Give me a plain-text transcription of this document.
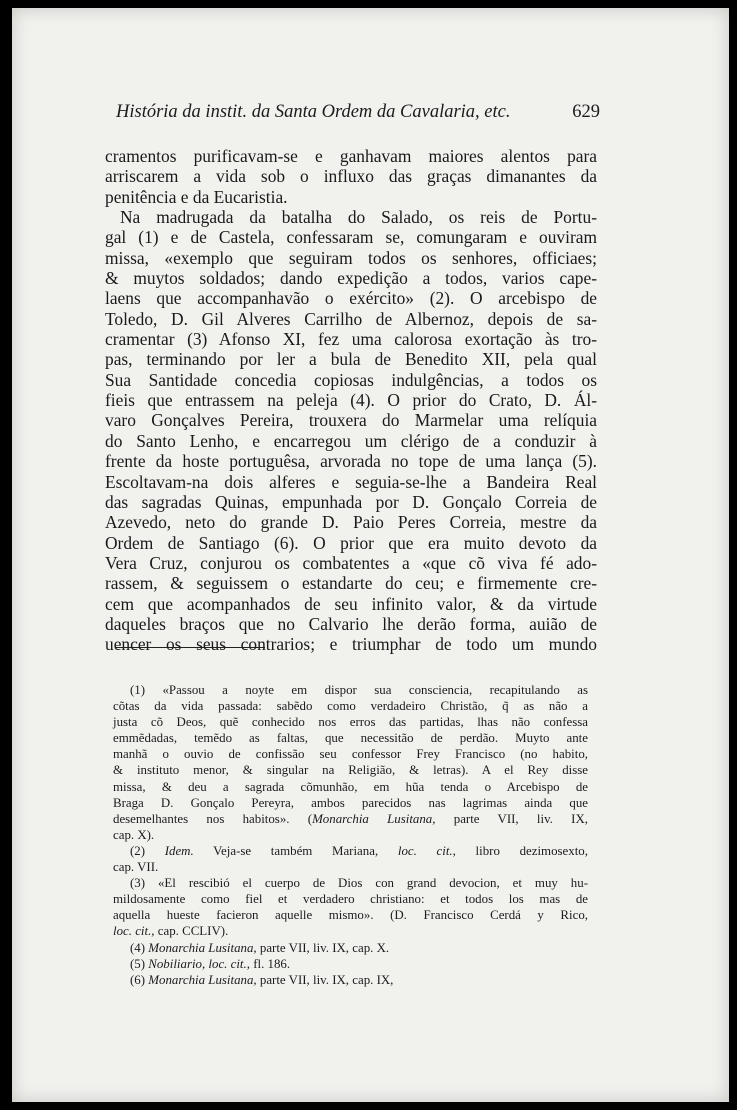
História da instit. da Santa Ordem da Cavalaria, etc.	629
cramentos purificavam-se e ganhavam maiores alentos para
arriscarem a vida sob o influxo das graças dimanantes da
penitência e da Eucaristia.
Na madrugada da batalha do Salado, os reis de Portu-
gal (1) e de Castela, confessaram se, comungaram e ouviram
missa, «exemplo que seguiram todos os senhores, officiaes;
& muytos soldados; dando expedição a todos, varios cape-
laens que accompanhavão o exército» (2). O arcebispo de
Toledo, D. Gil Alveres Carrilho de Albernoz, depois de sa-
cramentar (3) Afonso XI, fez uma calorosa exortação às tro-
pas, terminando por ler a bula de Benedito XII, pela qual
Sua Santidade concedia copiosas indulgências, a todos os
fieis que entrassem na peleja (4). O prior do Crato, D. Ál-
varo Gonçalves Pereira, trouxera do Marmelar uma relíquia
do Santo Lenho, e encarregou um clérigo de a conduzir à
frente da hoste portuguêsa, arvorada no tope de uma lança (5).
Escoltavam-na dois alferes e seguia-se-lhe a Bandeira Real
das sagradas Quinas, empunhada por D. Gonçalo Correia de
Azevedo, neto do grande D. Paio Peres Correia, mestre da
Ordem de Santiago (6). O prior que era muito devoto da
Vera Cruz, conjurou os combatentes a «que cõ viva fé ado-
rassem, & seguissem o estandarte do ceu; e firmemente cre-
cem que acompanhados de seu infinito valor, & da virtude
daqueles braços que no Calvario lhe derão forma, auião de
uencer os seus contrarios; e triumphar de todo um mundo
(1) «Passou a noyte em dispor sua consciencia, recapitulando as
cõtas da vida passada: sabẽdo como verdadeiro Christão, q̃ as não a
justa cõ Deos, quẽ conhecido nos erros das partidas, lhas não confessa
emmẽdadas, temẽdo as faltas, que necessitão de perdão. Muyto ante
manhã o ouvio de confissão seu confessor Frey Francisco (no habito,
& instituto menor, & singular na Religião, & letras). A el Rey disse
missa, & deu a sagrada cõmunhão, em hũa tenda o Arcebispo de
Braga D. Gonçalo Pereyra, ambos parecidos nas lagrimas ainda que
desemelhantes nos habitos». (Monarchia Lusitana, parte VII, liv. IX,
cap. X).
(2) Idem. Veja-se também Mariana, loc. cit., libro dezimosexto,
cap. VII.
(3) «El rescibió el cuerpo de Dios con grand devocion, et muy hu-
mildosamente como fiel et verdadero christiano: et todos los mas de
aquella hueste facieron aquelle mismo». (D. Francisco Cerdá y Rico,
loc. cit., cap. CCLIV).
(4) Monarchia Lusitana, parte VII, liv. IX, cap. X.
(5) Nobiliario, loc. cit., fl. 186.
(6) Monarchia Lusitana, parte VII, liv. IX, cap. IX,
